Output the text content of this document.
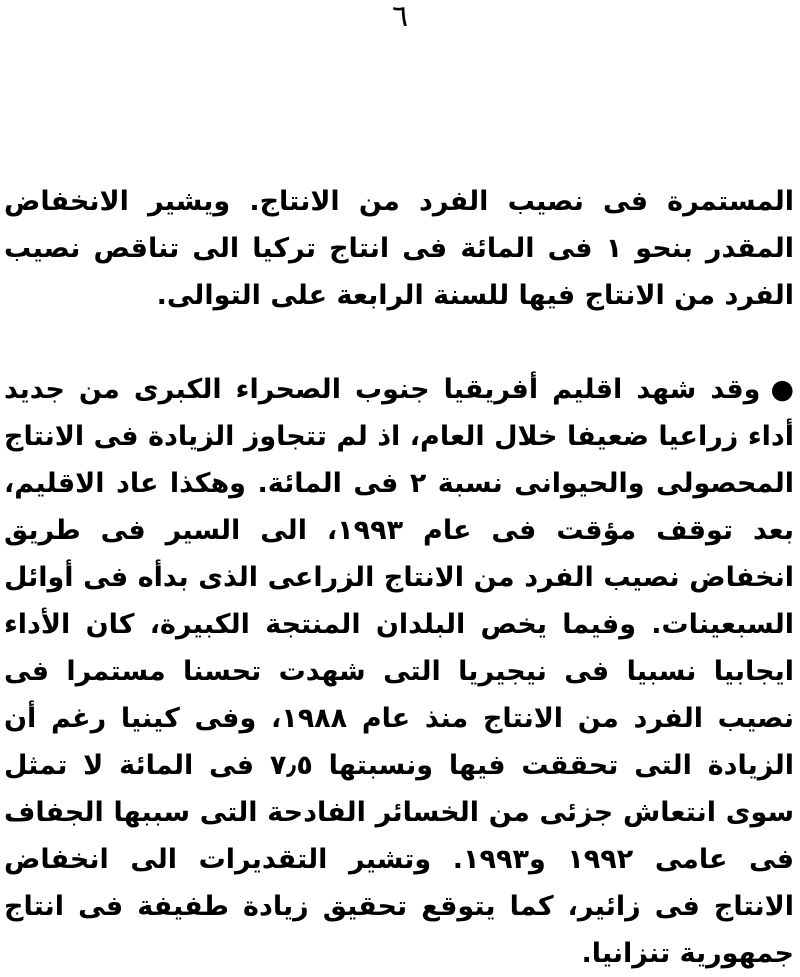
٦

المستمرة فى نصيب الفرد من الانتاج. ويشير الانخفاض المقدر بنحو ١ فى المائة فى انتاج تركيا الى تناقص نصيب الفرد من الانتاج فيها للسنة الرابعة على التوالى.

●وقد شهد اقليم أفريقيا جنوب الصحراء الكبرى من جديد أداء زراعيا ضعيفا خلال العام، اذ لم تتجاوز الزيادة فى الانتاج المحصولى والحيوانى نسبة ٢ فى المائة. وهكذا عاد الاقليم، بعد توقف مؤقت فى عام ١٩٩٣، الى السير فى طريق انخفاض نصيب الفرد من الانتاج الزراعى الذى بدأه فى أوائل السبعينات. وفيما يخص البلدان المنتجة الكبيرة، كان الأداء ايجابيا نسبيا فى نيجيريا التى شهدت تحسنا مستمرا فى نصيب الفرد من الانتاج منذ عام ١٩٨٨، وفى كينيا رغم أن الزيادة التى تحققت فيها ونسبتها ٧٫٥ فى المائة لا تمثل سوى انتعاش جزئى من الخسائر الفادحة التى سببها الجفاف فى عامى ١٩٩٢ و١٩٩٣. وتشير التقديرات الى انخفاض الانتاج فى زائير، كما يتوقع تحقيق زيادة طفيفة فى انتاج جمهورية تنزانيا.
